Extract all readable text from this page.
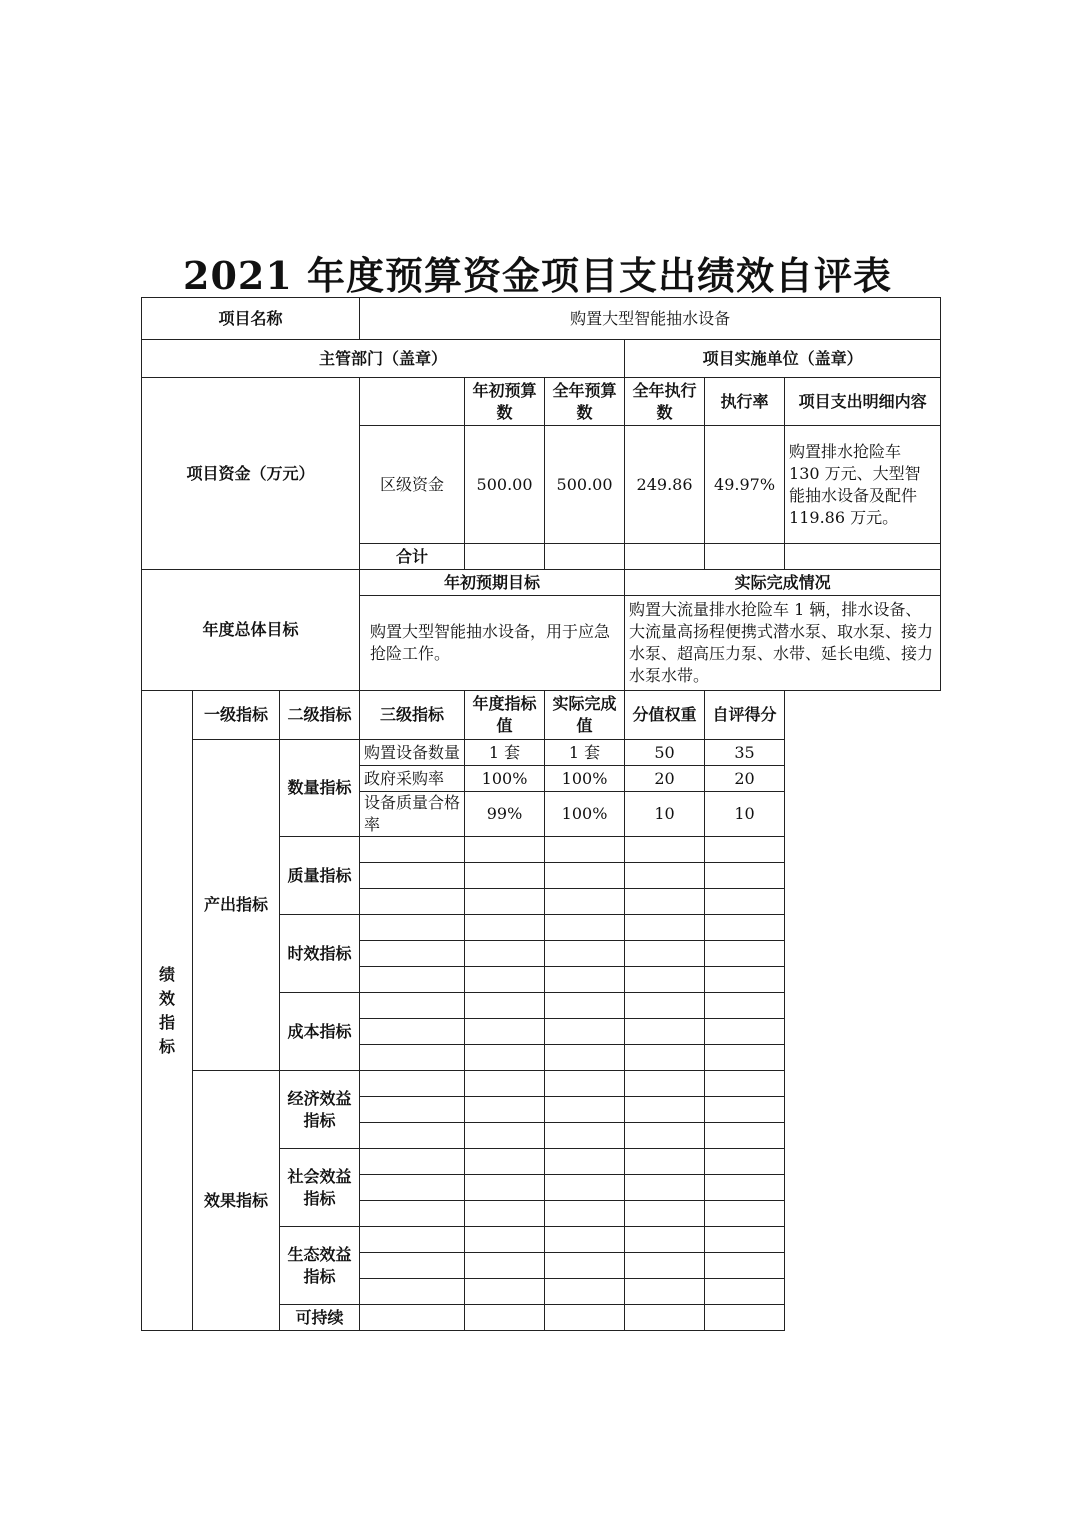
2021 年度预算资金项目支出绩效自评表
项目名称			购置大型智能抽水设备					
主管部门（盖章）						项目实施单位（盖章）		
项目资金（万元）				年初预算数	全年预算数	全年执行数	执行率	项目支出明细内容
			区级资金	500.00	500.00	249.86	49.97%	购置排水抢险车 130 万元、大型智能抽水设备及配件 119.86 万元。
			合计					
年度总体目标			年初预期目标			实际完成情况		
			购置大型智能抽水设备，用于应急抢险工作。			购置大流量排水抢险车 1 辆，排水设备、大流量高扬程便携式潜水泵、取水泵、接力水泵、超高压力泵、水带、延长电缆、接力水泵水带。		
绩效指标	一级指标	二级指标	三级指标	年度指标值	实际完成值	分值权重	自评得分	
	产出指标	数量指标	购置设备数量	1 套	1 套	50	35	
			政府采购率	100%	100%	20	20	
			设备质量合格率	99%	100%	10	10	
		质量指标						

		时效指标						

		成本指标						

	效果指标	经济效益指标						

		社会效益指标						

		生态效益指标						

		可持续						
